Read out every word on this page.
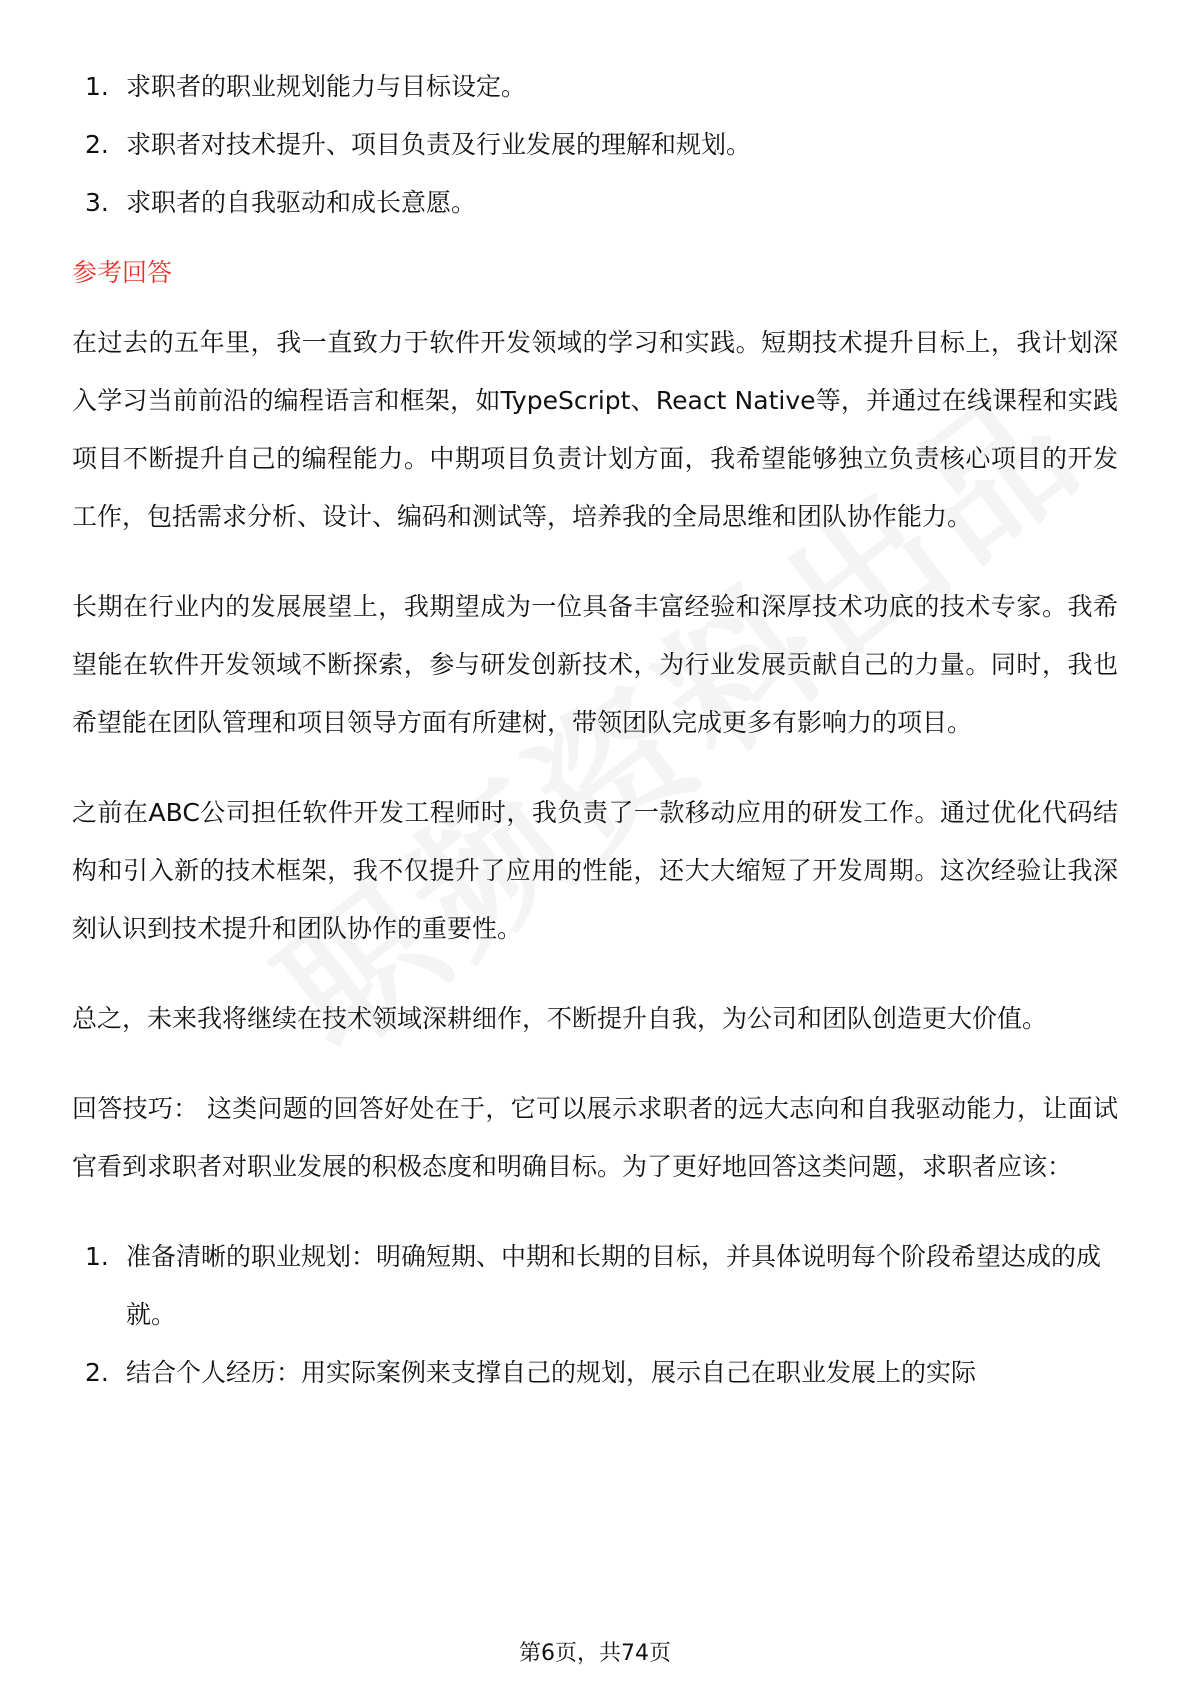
1. 求职者的职业规划能力与目标设定。
2. 求职者对技术提升、项目负责及行业发展的理解和规划。
3. 求职者的自我驱动和成长意愿。
参考回答

在过去的五年里，我一直致力于软件开发领域的学习和实践。短期技术提升目标上，我计划深入学习当前前沿的编程语言和框架，如TypeScript、React Native等，并通过在线课程和实践项目不断提升自己的编程能力。中期项目负责计划方面，我希望能够独立负责核心项目的开发工作，包括需求分析、设计、编码和测试等，培养我的全局思维和团队协作能力。

长期在行业内的发展展望上，我期望成为一位具备丰富经验和深厚技术功底的技术专家。我希望能在软件开发领域不断探索，参与研发创新技术，为行业发展贡献自己的力量。同时，我也希望能在团队管理和项目领导方面有所建树，带领团队完成更多有影响力的项目。

之前在ABC公司担任软件开发工程师时，我负责了一款移动应用的研发工作。通过优化代码结构和引入新的技术框架，我不仅提升了应用的性能，还大大缩短了开发周期。这次经验让我深刻认识到技术提升和团队协作的重要性。

总之，未来我将继续在技术领域深耕细作，不断提升自我，为公司和团队创造更大价值。

回答技巧： 这类问题的回答好处在于，它可以展示求职者的远大志向和自我驱动能力，让面试官看到求职者对职业发展的积极态度和明确目标。为了更好地回答这类问题，求职者应该：

1. 准备清晰的职业规划：明确短期、中期和长期的目标，并具体说明每个阶段希望达成的成就。
2. 结合个人经历：用实际案例来支撑自己的规划，展示自己在职业发展上的实际
第6页，共74页
